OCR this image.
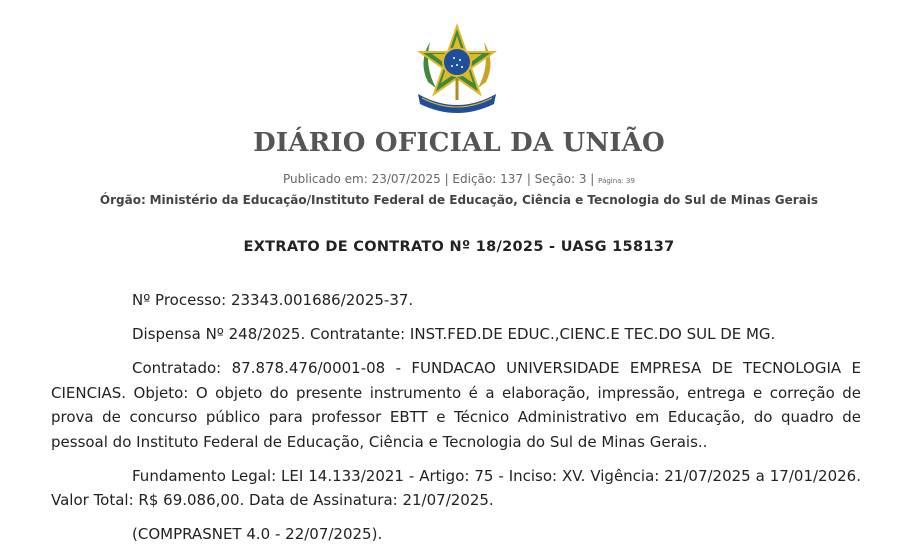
DIÁRIO OFICIAL DA UNIÃO
Publicado em: 23/07/2025 | Edição: 137 | Seção: 3 | Página: 39
Órgão: Ministério da Educação/Instituto Federal de Educação, Ciência e Tecnologia do Sul de Minas Gerais
EXTRATO DE CONTRATO Nº 18/2025 - UASG 158137

Nº Processo: 23343.001686/2025-37.

Dispensa Nº 248/2025. Contratante: INST.FED.DE EDUC.,CIENC.E TEC.DO SUL DE MG.

Contratado: 87.878.476/0001-08 - FUNDACAO UNIVERSIDADE EMPRESA DE TECNOLOGIA E CIENCIAS. Objeto: O objeto do presente instrumento é a elaboração, impressão, entrega e correção de prova de concurso público para professor EBTT e Técnico Administrativo em Educação, do quadro de pessoal do Instituto Federal de Educação, Ciência e Tecnologia do Sul de Minas Gerais..

Fundamento Legal: LEI 14.133/2021 - Artigo: 75 - Inciso: XV. Vigência: 21/07/2025 a 17/01/2026. Valor Total: R$ 69.086,00. Data de Assinatura: 21/07/2025.

(COMPRASNET 4.0 - 22/07/2025).
